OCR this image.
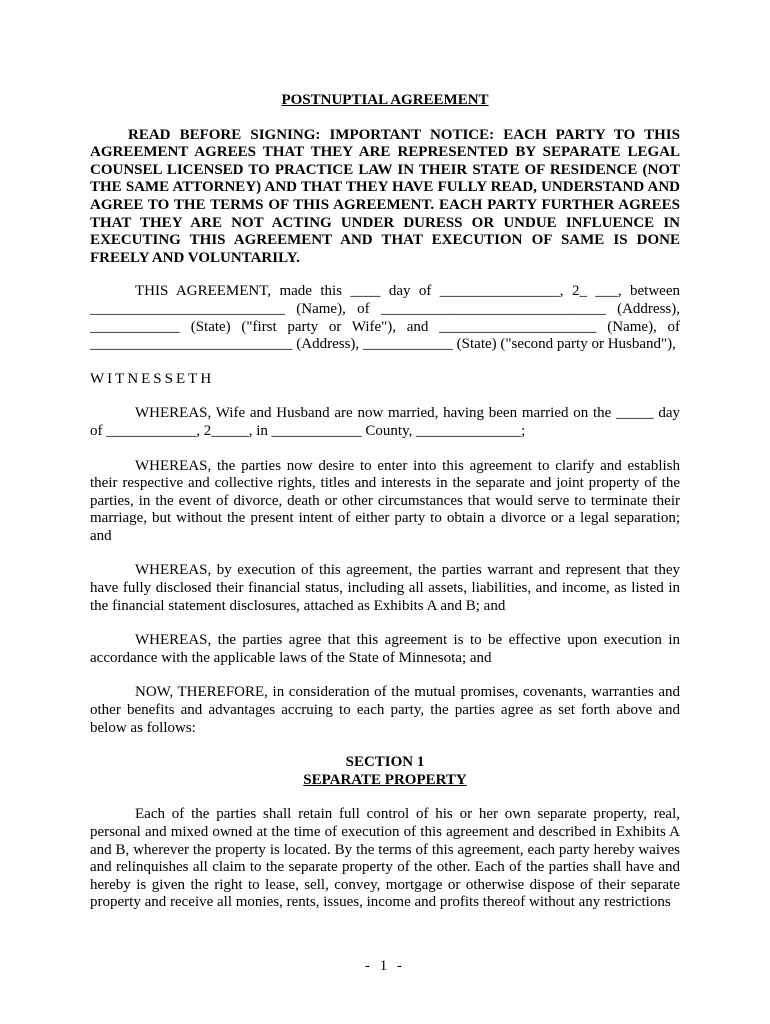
POSTNUPTIAL AGREEMENT

READ BEFORE SIGNING: IMPORTANT NOTICE: EACH PARTY TO THIS AGREEMENT AGREES THAT THEY ARE REPRESENTED BY SEPARATE LEGAL COUNSEL LICENSED TO PRACTICE LAW IN THEIR STATE OF RESIDENCE (NOT THE SAME ATTORNEY) AND THAT THEY HAVE FULLY READ, UNDERSTAND AND AGREE TO THE TERMS OF THIS AGREEMENT. EACH PARTY FURTHER AGREES THAT THEY ARE NOT ACTING UNDER DURESS OR UNDUE INFLUENCE IN EXECUTING THIS AGREEMENT AND THAT EXECUTION OF SAME IS DONE FREELY AND VOLUNTARILY.

THIS AGREEMENT, made this ____ day of ________________, 2_ ___, between __________________________ (Name), of ______________________________ (Address), ____________ (State) ("first party or Wife"), and _____________________ (Name), of ___________________________ (Address), ____________ (State) ("second party or Husband"),

WITNESSETH

WHEREAS, Wife and Husband are now married, having been married on the _____ day of ____________, 2_____, in ____________ County, ______________;

WHEREAS, the parties now desire to enter into this agreement to clarify and establish their respective and collective rights, titles and interests in the separate and joint property of the parties, in the event of divorce, death or other circumstances that would serve to terminate their marriage, but without the present intent of either party to obtain a divorce or a legal separation; and

WHEREAS, by execution of this agreement, the parties warrant and represent that they have fully disclosed their financial status, including all assets, liabilities, and income, as listed in the financial statement disclosures, attached as Exhibits A and B; and

WHEREAS, the parties agree that this agreement is to be effective upon execution in accordance with the applicable laws of the State of Minnesota; and

NOW, THEREFORE, in consideration of the mutual promises, covenants, warranties and other benefits and advantages accruing to each party, the parties agree as set forth above and below as follows:

SECTION 1

SEPARATE PROPERTY

Each of the parties shall retain full control of his or her own separate property, real, personal and mixed owned at the time of execution of this agreement and described in Exhibits A and B, wherever the property is located. By the terms of this agreement, each party hereby waives and relinquishes all claim to the separate property of the other. Each of the parties shall have and hereby is given the right to lease, sell, convey, mortgage or otherwise dispose of their separate property and receive all monies, rents, issues, income and profits thereof without any restrictions

- 1 -
